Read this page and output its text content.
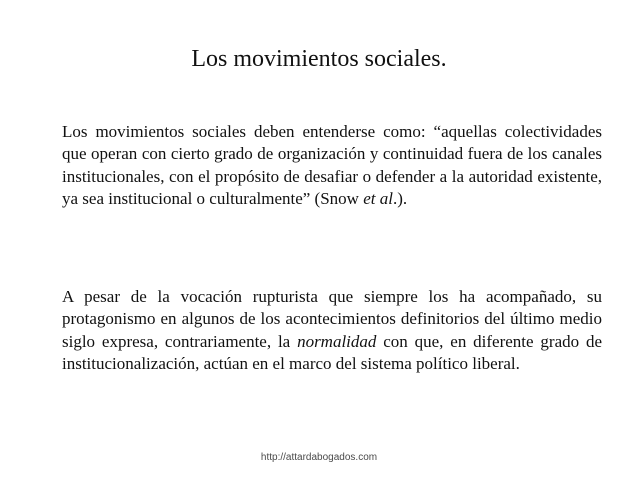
Los movimientos sociales.

Los movimientos sociales deben entenderse como: “aquellas colectividades que operan con cierto grado de organización y continuidad fuera de los canales institucionales, con el propósito de desafiar o defender a la autoridad existente, ya sea institucional o culturalmente” (Snow et al.).

A pesar de la vocación rupturista que siempre los ha acompañado, su protagonismo en algunos de los acontecimientos definitorios del último medio siglo expresa, contrariamente, la normalidad con que, en diferente grado de institucionalización, actúan en el marco del sistema político liberal.

http://attardabogados.com
